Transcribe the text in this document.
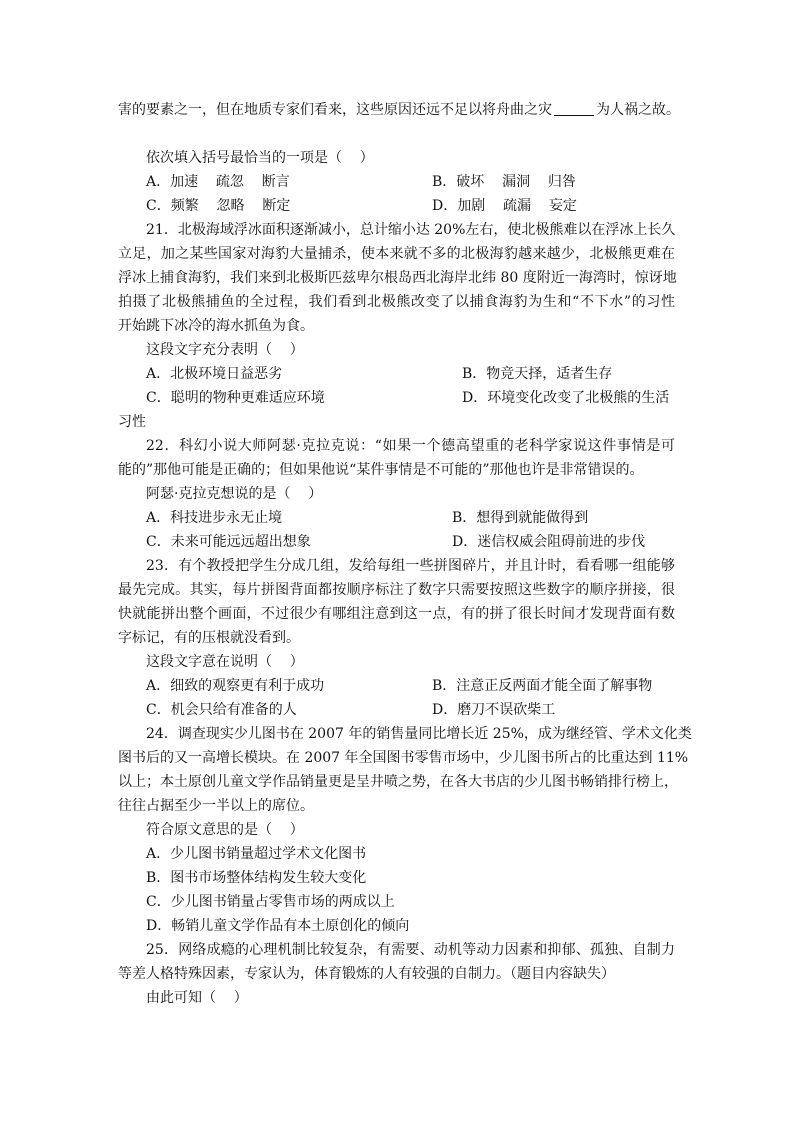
害的要素之一，但在地质专家们看来，这些原因还远不足以将舟曲之灾	为人祸之故。
依次填入括号最恰当的一项是（    ）
A．加速    疏忽    断言	B．破坏    漏洞    归咎
C．频繁    忽略    断定	D．加剧    疏漏    妄定
21．北极海域浮冰面积逐渐减小，总计缩小达 20%左右，使北极熊难以在浮冰上长久
立足，加之某些国家对海豹大量捕杀，使本来就不多的北极海豹越来越少，北极熊更难在
浮冰上捕食海豹，我们来到北极斯匹兹卑尔根岛西北海岸北纬 80 度附近一海湾时，惊讶地
拍摄了北极熊捕鱼的全过程，我们看到北极熊改变了以捕食海豹为生和“不下水”的习性
开始跳下冰冷的海水抓鱼为食。
这段文字充分表明（    ）
A．北极环境日益恶劣	B．物竞天择，适者生存
C．聪明的物种更难适应环境	D．环境变化改变了北极熊的生活
习性
22．科幻小说大师阿瑟·克拉克说：“如果一个德高望重的老科学家说这件事情是可
能的”那他可能是正确的；但如果他说“某件事情是不可能的”那他也许是非常错误的。
阿瑟·克拉克想说的是（    ）
A．科技进步永无止境	B．想得到就能做得到
C．未来可能远远超出想象	D．迷信权威会阻碍前进的步伐
23．有个教授把学生分成几组，发给每组一些拼图碎片，并且计时，看看哪一组能够
最先完成。其实，每片拼图背面都按顺序标注了数字只需要按照这些数字的顺序拼接，很
快就能拼出整个画面，不过很少有哪组注意到这一点，有的拼了很长时间才发现背面有数
字标记，有的压根就没看到。
这段文字意在说明（    ）
A．细致的观察更有利于成功	B．注意正反两面才能全面了解事物
C．机会只给有准备的人	D．磨刀不误砍柴工
24．调查现实少儿图书在 2007 年的销售量同比增长近 25%，成为继经管、学术文化类
图书后的又一高增长模块。在 2007 年全国图书零售市场中，少儿图书所占的比重达到 11%
以上；本土原创儿童文学作品销量更是呈井喷之势，在各大书店的少儿图书畅销排行榜上，
往往占据至少一半以上的席位。
符合原文意思的是（    ）
A．少儿图书销量超过学术文化图书
B．图书市场整体结构发生较大变化
C．少儿图书销量占零售市场的两成以上
D．畅销儿童文学作品有本土原创化的倾向
25．网络成瘾的心理机制比较复杂，有需要、动机等动力因素和抑郁、孤独、自制力
等差人格特殊因素，专家认为，体育锻炼的人有较强的自制力。（题目内容缺失）
由此可知（    ）
